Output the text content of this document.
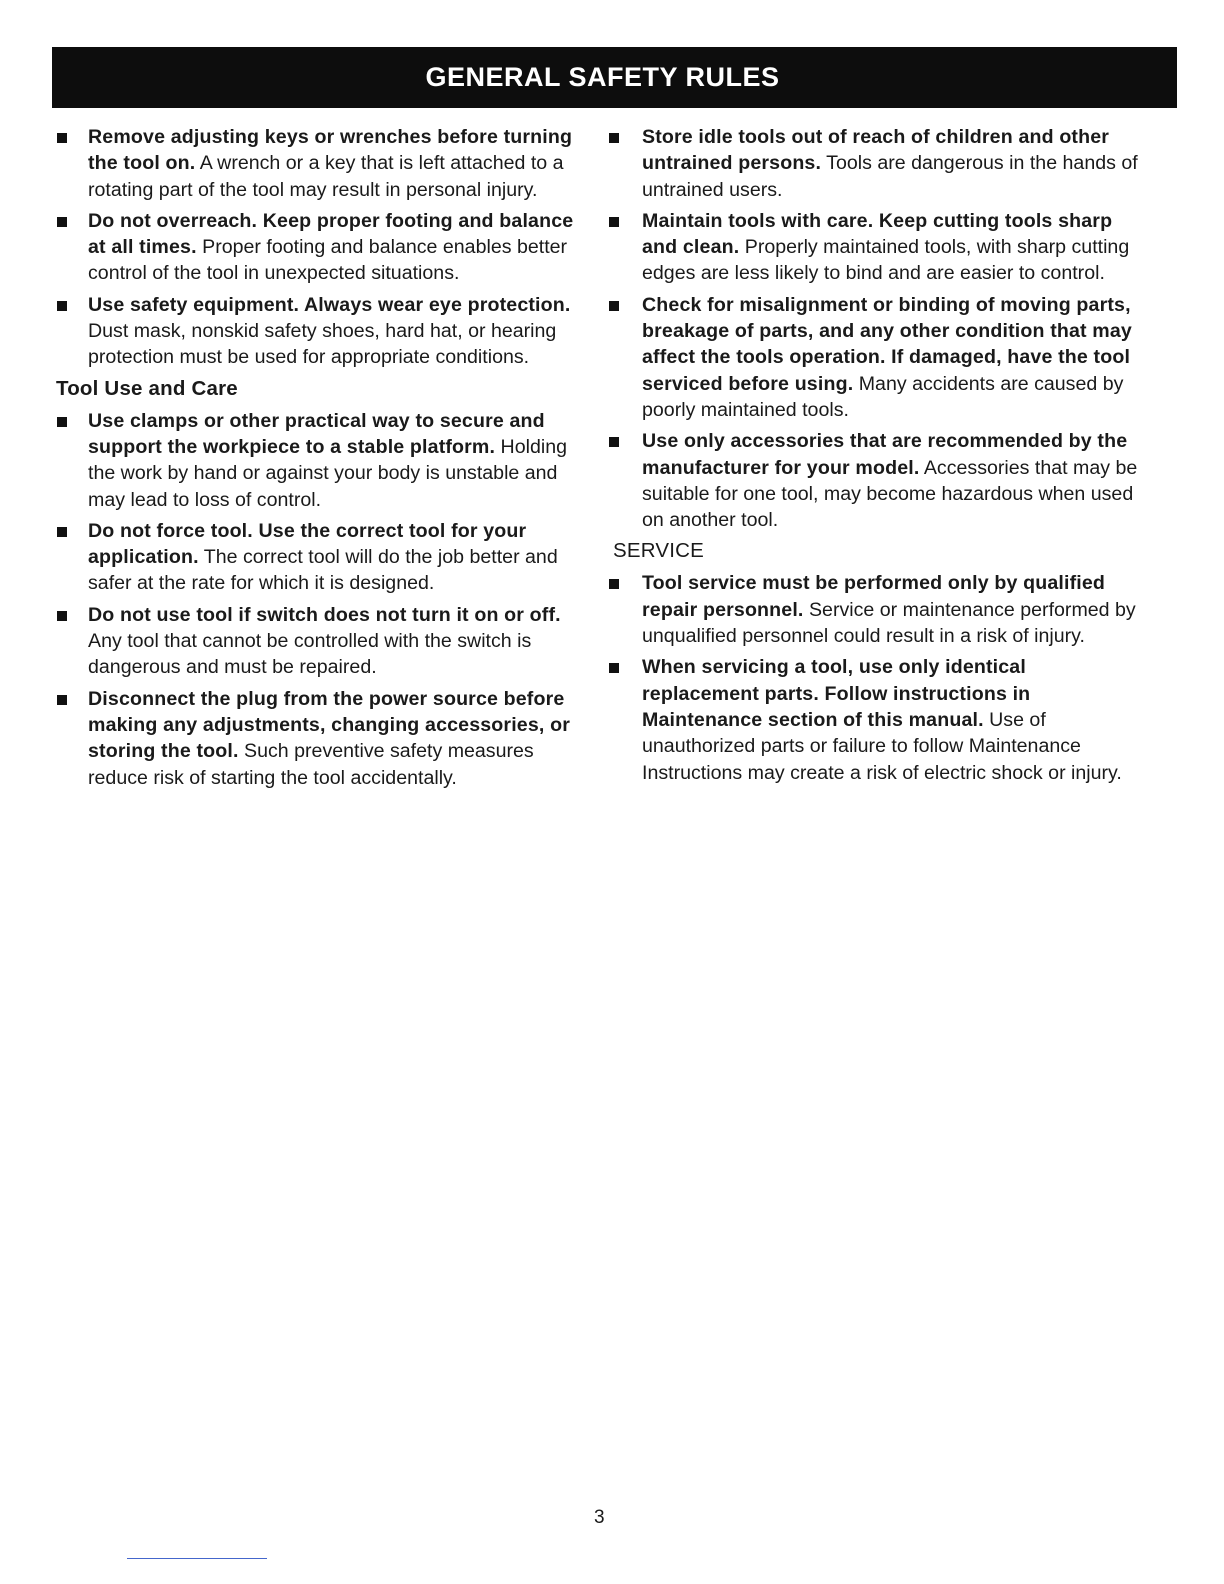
GENERAL SAFETY RULES
Remove adjusting keys or wrenches before turning the tool on. A wrench or a key that is left attached to a rotating part of the tool may result in personal injury.
Do not overreach. Keep proper footing and balance at all times. Proper footing and balance enables better control of the tool in unexpected situations.
Use safety equipment. Always wear eye protection. Dust mask, nonskid safety shoes, hard hat, or hearing protection must be used for appropriate conditions.
Tool Use and Care
Use clamps or other practical way to secure and support the workpiece to a stable platform. Holding the work by hand or against your body is unstable and may lead to loss of control.
Do not force tool. Use the correct tool for your application. The correct tool will do the job better and safer at the rate for which it is designed.
Do not use tool if switch does not turn it on or off. Any tool that cannot be controlled with the switch is dangerous and must be repaired.
Disconnect the plug from the power source before making any adjustments, changing accessories, or storing the tool. Such preventive safety measures reduce risk of starting the tool accidentally.
Store idle tools out of reach of children and other untrained persons. Tools are dangerous in the hands of untrained users.
Maintain tools with care. Keep cutting tools sharp and clean. Properly maintained tools, with sharp cutting edges are less likely to bind and are easier to control.
Check for misalignment or binding of moving parts, breakage of parts, and any other condition that may affect the tools operation. If damaged, have the tool serviced before using. Many accidents are caused by poorly maintained tools.
Use only accessories that are recommended by the manufacturer for your model. Accessories that may be suitable for one tool, may become hazardous when used on another tool.
SERVICE
Tool service must be performed only by qualified repair personnel. Service or maintenance performed by unqualified personnel could result in a risk of injury.
When servicing a tool, use only identical replacement parts. Follow instructions in Maintenance section of this manual. Use of unauthorized parts or failure to follow Maintenance Instructions may create a risk of electric shock or injury.
3
